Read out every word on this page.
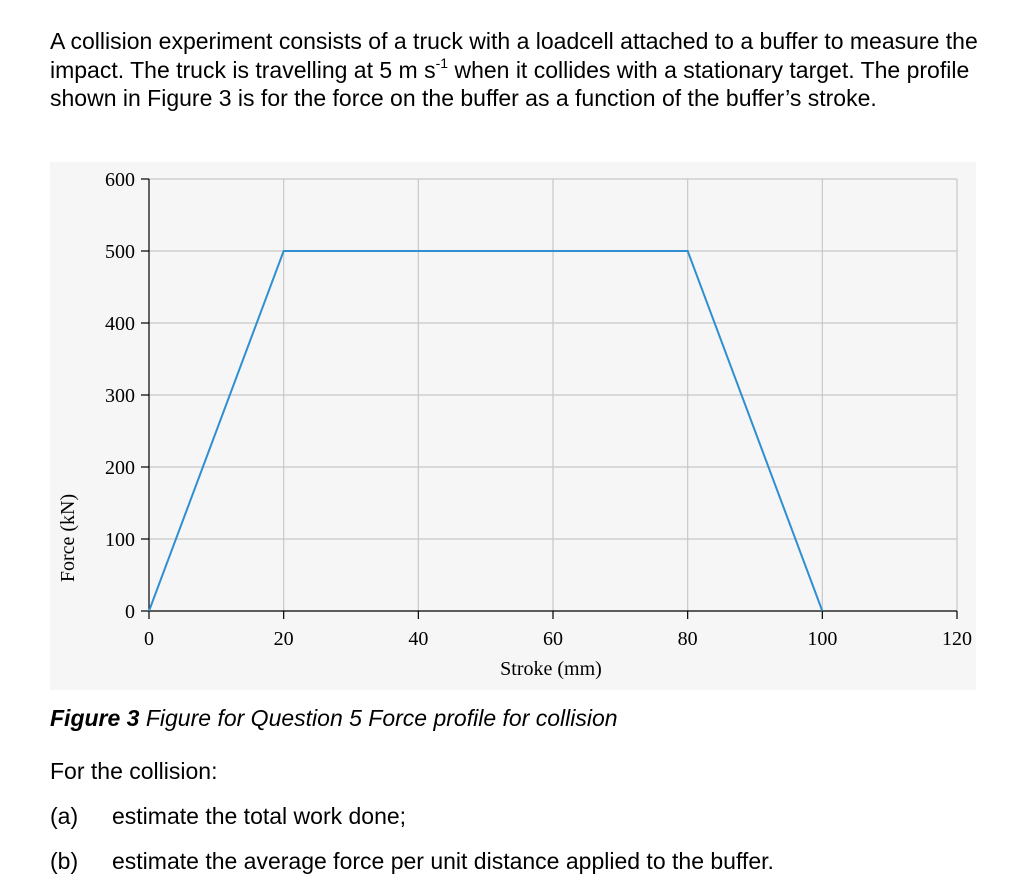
A collision experiment consists of a truck with a loadcell attached to a buffer to measure the impact. The truck is travelling at 5 m $s^{-1}$ when it collides with a stationary target. The profile shown in Figure 3 is for the force on the buffer as a function of the buffer’s stroke.

0	20	40	60	80	100	120
0
100
200
300
400
500
600
Stroke (mm)
Force (kN)

Figure 3 Figure for Question 5 Force profile for collision

For the collision:

(a) estimate the total work done;

(b) estimate the average force per unit distance applied to the buffer.
